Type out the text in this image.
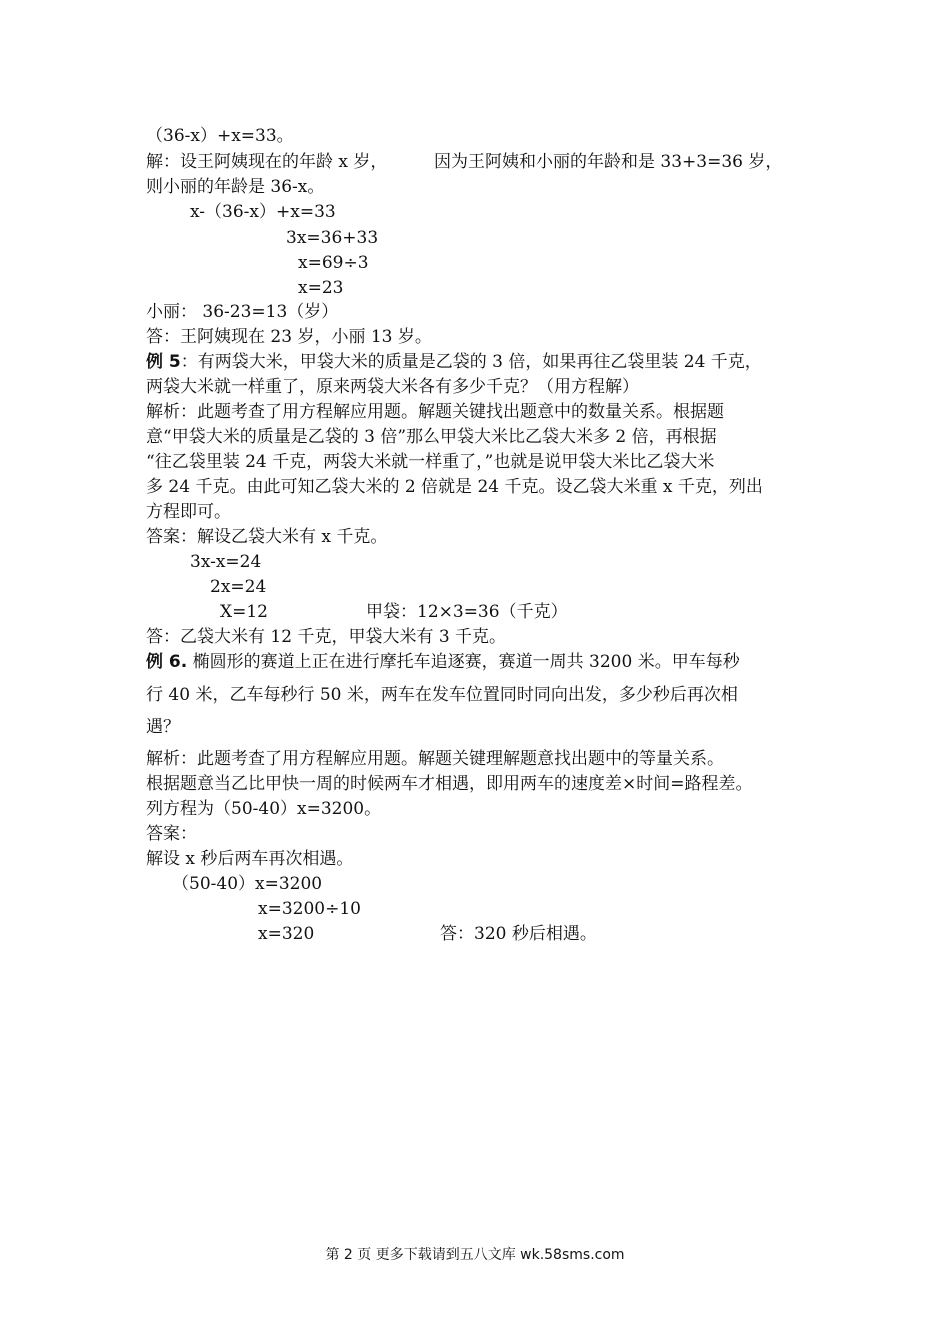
（36-x）+x=33。
解：设王阿姨现在的年龄 x 岁，	因为王阿姨和小丽的年龄和是 33+3=36 岁，
则小丽的年龄是 36-x。
x-（36-x）+x=33
3x=36+33
x=69÷3
x=23
小丽： 36-23=13（岁）
答：王阿姨现在 23 岁，小丽 13 岁。
例 5：有两袋大米，甲袋大米的质量是乙袋的 3 倍，如果再往乙袋里装 24 千克，
两袋大米就一样重了，原来两袋大米各有多少千克？（用方程解）
解析：此题考查了用方程解应用题。解题关键找出题意中的数量关系。根据题
意“甲袋大米的质量是乙袋的 3 倍”那么甲袋大米比乙袋大米多 2 倍，再根据
“往乙袋里装 24 千克，两袋大米就一样重了，”也就是说甲袋大米比乙袋大米
多 24 千克。由此可知乙袋大米的 2 倍就是 24 千克。设乙袋大米重 x 千克，列出
方程即可。
答案：解设乙袋大米有 x 千克。
3x-x=24
2x=24
X=12	甲袋：12×3=36（千克）
答：乙袋大米有 12 千克，甲袋大米有 3 千克。
例 6. 椭圆形的赛道上正在进行摩托车追逐赛，赛道一周共 3200 米。甲车每秒
行 40 米，乙车每秒行 50 米，两车在发车位置同时同向出发，多少秒后再次相
遇？
解析：此题考查了用方程解应用题。解题关键理解题意找出题中的等量关系。
根据题意当乙比甲快一周的时候两车才相遇，即用两车的速度差×时间=路程差。
列方程为（50-40）x=3200。
答案：
解设 x 秒后两车再次相遇。
（50-40）x=3200
x=3200÷10
x=320	答：320 秒后相遇。
第 2 页 更多下载请到五八文库 wk.58sms.com
